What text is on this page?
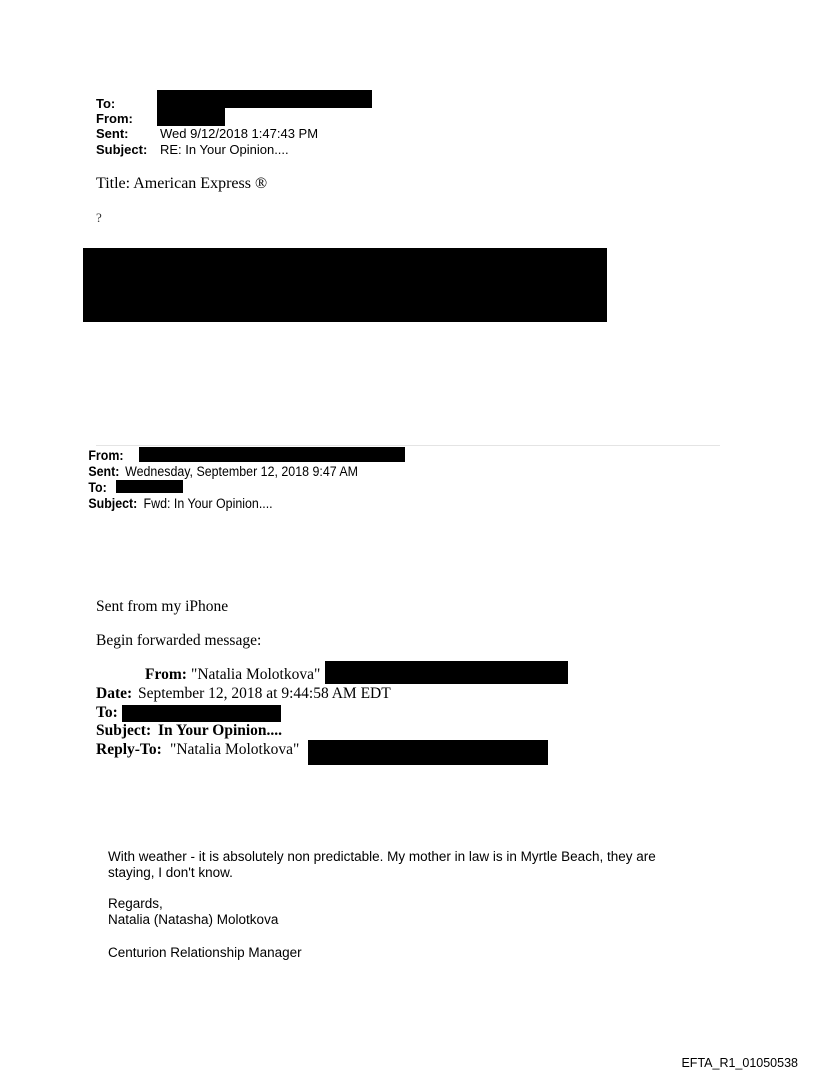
To:
From:
Sent: Wed 9/12/2018 1:47:43 PM
Subject: RE: In Your Opinion....
Title: American Express ®
?
From:
Sent: Wednesday, September 12, 2018 9:47 AM
To:
Subject: Fwd: In Your Opinion....
Sent from my iPhone
Begin forwarded message:
From: "Natalia Molotkova"
Date: September 12, 2018 at 9:44:58 AM EDT
To:
Subject: In Your Opinion....
Reply-To: "Natalia Molotkova"
With weather - it is absolutely non predictable. My mother in law is in Myrtle Beach, they are
staying, I don't know.
Regards,
Natalia (Natasha) Molotkova
Centurion Relationship Manager
EFTA_R1_01050538
